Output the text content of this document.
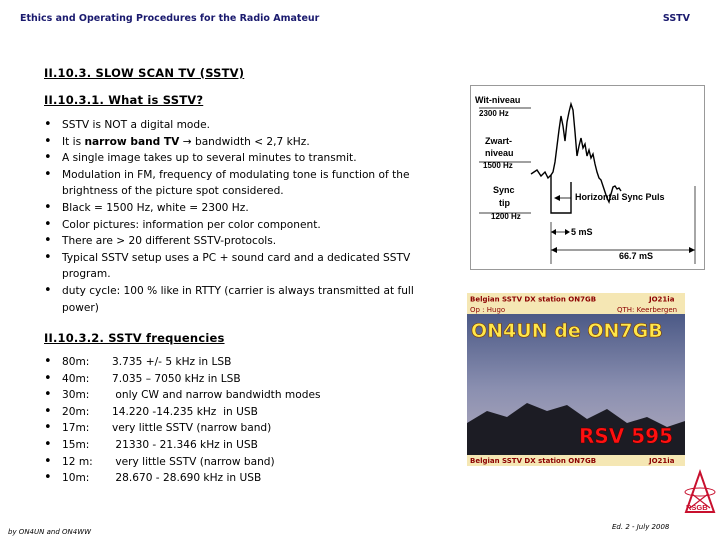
Ethics and Operating Procedures for the Radio Amateur	SSTV
II.10.3. SLOW SCAN TV (SSTV)
II.10.3.1. What is SSTV?
• SSTV is NOT a digital mode.
• It is narrow band TV → bandwidth < 2,7 kHz.
• A single image takes up to several minutes to transmit.
• Modulation in FM, frequency of modulating tone is function of the brightness of the picture spot considered.
• Black = 1500 Hz, white = 2300 Hz.
• Color pictures: information per color component.
• There are > 20 different SSTV-protocols.
• Typical SSTV setup uses a PC + sound card and a dedicated SSTV program.
• duty cycle: 100 % like in RTTY (carrier is always transmitted at full power)
II.10.3.2. SSTV frequencies
• 80m:	3.735 +/- 5 kHz in LSB
• 40m:	7.035 – 7050 kHz in LSB
• 30m:	only CW and narrow bandwidth modes
• 20m:	14.220 -14.235 kHz  in USB
• 17m:	very little SSTV (narrow band)
• 15m:	21330 - 21.346 kHz in USB
• 12 m:	very little SSTV (narrow band)
• 10m:	28.670 - 28.690 kHz in USB
Wit-niveau
2300 Hz
Zwart-
niveau
1500 Hz
Sync
tip
1200 Hz
Horizontal Sync Puls
5 mS
66.7 mS
Belgian SSTV DX station ON7GB	JO21ia
Op : Hugo	QTH: Keerbergen
ON4UN de ON7GB
RSV 595
Belgian SSTV DX station ON7GB	JO21ia
by ON4UN and ON4WW
Ed. 2 - July 2008
RSGB
